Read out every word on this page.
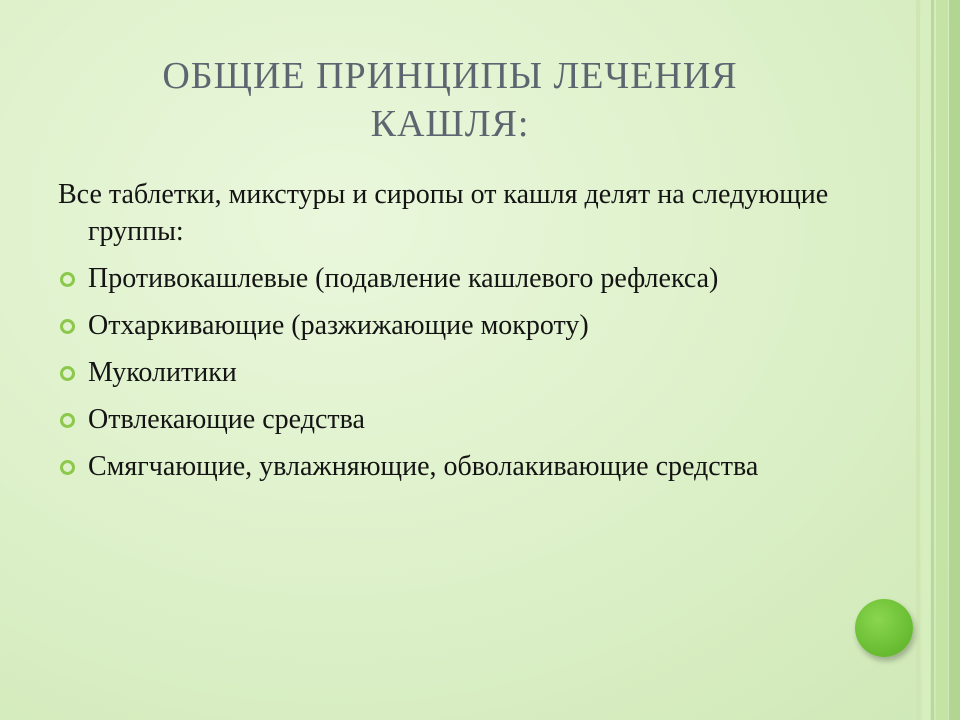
ОБЩИЕ ПРИНЦИПЫ ЛЕЧЕНИЯ
КАШЛЯ:

Все таблетки, микстуры и сиропы от кашля делят на следующие группы:

Противокашлевые (подавление кашлевого рефлекса)
Отхаркивающие (разжижающие мокроту)
Муколитики
Отвлекающие средства
Смягчающие, увлажняющие, обволакивающие средства
